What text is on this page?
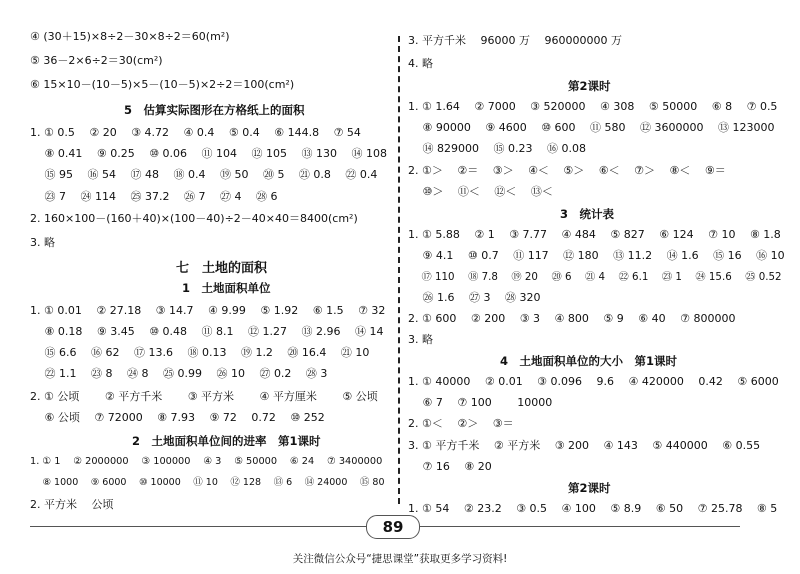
④ (30＋15)×8÷2－30×8÷2＝60(m²)
⑤ 36－2×6÷2＝30(cm²)
⑥ 15×10－(10－5)×5－(10－5)×2÷2＝100(cm²)
5　估算实际图形在方格纸上的面积
1. ① 0.5　 ② 20　 ③ 4.72　 ④ 0.4　 ⑤ 0.4　 ⑥ 144.8　 ⑦ 54
　 ⑧ 0.41　 ⑨ 0.25　 ⑩ 0.06　 ⑪ 104　 ⑫ 105　 ⑬ 130　 ⑭ 108
　 ⑮ 95　 ⑯ 54　 ⑰ 48　 ⑱ 0.4　 ⑲ 50　 ⑳ 5　 ㉑ 0.8　 ㉒ 0.4
　 ㉓ 7　 ㉔ 114　 ㉕ 37.2　 ㉖ 7　 ㉗ 4　 ㉘ 6
2. 160×100－(160＋40)×(100－40)÷2－40×40＝8400(cm²)
3. 略
七　土地的面积
1　土地面积单位
1. ① 0.01　 ② 27.18　 ③ 14.7　 ④ 9.99　 ⑤ 1.92　 ⑥ 1.5　 ⑦ 32
　 ⑧ 0.18　 ⑨ 3.45　 ⑩ 0.48　 ⑪ 8.1　 ⑫ 1.27　 ⑬ 2.96　 ⑭ 14
　 ⑮ 6.6　 ⑯ 62　 ⑰ 13.6　 ⑱ 0.13　 ⑲ 1.2　 ⑳ 16.4　 ㉑ 10
　 ㉒ 1.1　 ㉓ 8　 ㉔ 8　 ㉕ 0.99　 ㉖ 10　 ㉗ 0.2　 ㉘ 3
2. ① 公顷　　 ② 平方千米　　 ③ 平方米　　 ④ 平方厘米　　 ⑤ 公顷
　 ⑥ 公顷　 ⑦ 72000　 ⑧ 7.93　 ⑨ 72　 0.72　 ⑩ 252
2　土地面积单位间的进率　第1课时
1. ① 1　 ② 2000000　 ③ 100000　 ④ 3　 ⑤ 50000　 ⑥ 24　 ⑦ 3400000
　 ⑧ 1000　 ⑨ 6000　 ⑩ 10000　 ⑪ 10　 ⑫ 128　 ⑬ 6　 ⑭ 24000　 ⑮ 80
2. 平方米　 公顷
3. 平方千米　 96000 万　 960000000 万
4. 略
第2课时
1. ① 1.64　 ② 7000　 ③ 520000　 ④ 308　 ⑤ 50000　 ⑥ 8　 ⑦ 0.5
　 ⑧ 90000　 ⑨ 4600　 ⑩ 600　 ⑪ 580　 ⑫ 3600000　 ⑬ 123000
　 ⑭ 829000　 ⑮ 0.23　 ⑯ 0.08
2. ①＞　 ②＝　 ③＞　 ④＜　 ⑤＞　 ⑥＜　 ⑦＞　 ⑧＜　 ⑨＝
　 ⑩＞　 ⑪＜　 ⑫＜　 ⑬＜
3　统计表
1. ① 5.88　 ② 1　 ③ 7.77　 ④ 484　 ⑤ 827　 ⑥ 124　 ⑦ 10　 ⑧ 1.8
　 ⑨ 4.1　 ⑩ 0.7　 ⑪ 117　 ⑫ 180　 ⑬ 11.2　 ⑭ 1.6　 ⑮ 16　 ⑯ 10
　 ⑰ 110　 ⑱ 7.8　 ⑲ 20　 ⑳ 6　 ㉑ 4　 ㉒ 6.1　 ㉓ 1　 ㉔ 15.6　 ㉕ 0.52
　 ㉖ 1.6　 ㉗ 3　 ㉘ 320
2. ① 600　 ② 200　 ③ 3　 ④ 800　 ⑤ 9　 ⑥ 40　 ⑦ 800000
3. 略
4　土地面积单位的大小　第1课时
1. ① 40000　 ② 0.01　 ③ 0.096　 9.6　 ④ 420000　 0.42　 ⑤ 6000
　 ⑥ 7　 ⑦ 100　　 10000
2. ①＜　 ②＞　 ③＝
3. ① 平方千米　 ② 平方米　 ③ 200　 ④ 143　 ⑤ 440000　 ⑥ 0.55
　 ⑦ 16　 ⑧ 20
第2课时
1. ① 54　 ② 23.2　 ③ 0.5　 ④ 100　 ⑤ 8.9　 ⑥ 50　 ⑦ 25.78　 ⑧ 5
89
关注微信公众号“捷思课堂”获取更多学习资料!
